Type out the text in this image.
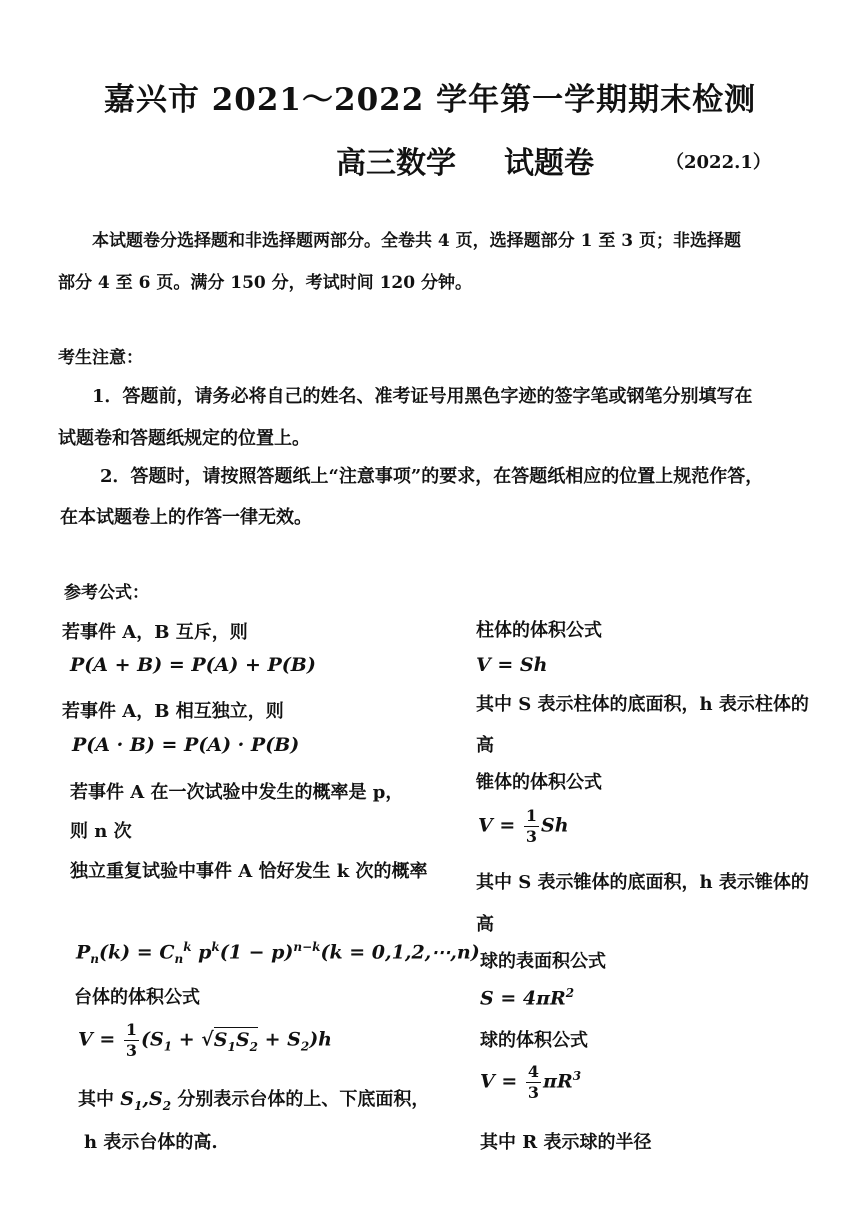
嘉兴市 2021～2022 学年第一学期期末检测
高三数学 试题卷	（2022.1）
本试题卷分选择题和非选择题两部分。全卷共 4 页，选择题部分 1 至 3 页；非选择题
部分 4 至 6 页。满分 150 分，考试时间 120 分钟。
考生注意：
1．答题前，请务必将自己的姓名、准考证号用黑色字迹的签字笔或钢笔分别填写在
试题卷和答题纸规定的位置上。
2．答题时，请按照答题纸上“注意事项”的要求，在答题纸相应的位置上规范作答，
在本试题卷上的作答一律无效。
参考公式：
若事件 A，B 互斥，则
P(A + B) = P(A) + P(B)
若事件 A，B 相互独立，则
P(A · B) = P(A) · P(B)
若事件 A 在一次试验中发生的概率是 p，
则 n 次
独立重复试验中事件 A 恰好发生 k 次的概率
$P_n(k) = C_n^k$ $p^k(1 - p)^{n-k}(k$ = 0,1,2,⋯,n)
台体的体积公式
$V = \frac{1}{3} (S_1 + √S_1S_2 + S_2)h$
其中 $S_1,S_2$ 分别表示台体的上、下底面积，
h 表示台体的高.
柱体的体积公式
V = Sh
其中 S 表示柱体的底面积，h 表示柱体的
高
锥体的体积公式
$V = \frac{1}{3}$ Sh
其中 S 表示锥体的底面积，h 表示锥体的
高
球的表面积公式
$S = 4\pi R^2$
球的体积公式
$V = \frac{4}{3} \pi R^3$
其中 R 表示球的半径
